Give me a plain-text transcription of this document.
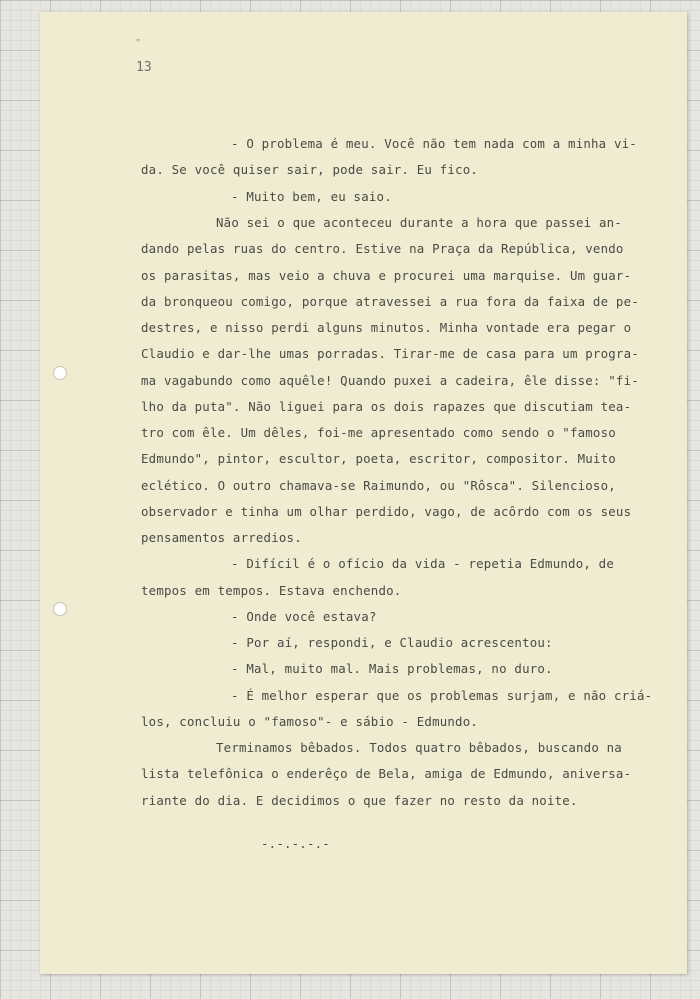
"
13
- O problema é meu. Você não tem nada com a minha vi-
da. Se você quiser sair, pode sair. Eu fico.
- Muito bem, eu saio.
Não sei o que aconteceu durante a hora que passei an-
dando pelas ruas do centro. Estive na Praça da República, vendo
os parasitas, mas veio a chuva e procurei uma marquise. Um guar-
da bronqueou comigo, porque atravessei a rua fora da faixa de pe-
destres, e nisso perdi alguns minutos. Minha vontade era pegar o
Claudio e dar-lhe umas porradas. Tirar-me de casa para um progra-
ma vagabundo como aquêle! Quando puxei a cadeira, êle disse: "fi-
lho da puta". Não liguei para os dois rapazes que discutiam tea-
tro com êle. Um dêles, foi-me apresentado como sendo o "famoso
Edmundo", pintor, escultor, poeta, escritor, compositor. Muito
eclético. O outro chamava-se Raimundo, ou "Rôsca". Silencioso,
observador e tinha um olhar perdido, vago, de acôrdo com os seus
pensamentos arredios.
- Difícil é o ofício da vida - repetia Edmundo, de
tempos em tempos. Estava enchendo.
- Onde você estava?
- Por aí, respondi, e Claudio acrescentou:
- Mal, muito mal. Mais problemas, no duro.
- É melhor esperar que os problemas surjam, e não criá-
los, concluiu o "famoso"- e sábio - Edmundo.
Terminamos bêbados. Todos quatro bêbados, buscando na
lista telefônica o enderêço de Bela, amiga de Edmundo, aniversa-
riante do dia. E decidimos o que fazer no resto da noite.
-.-.-.-.-
